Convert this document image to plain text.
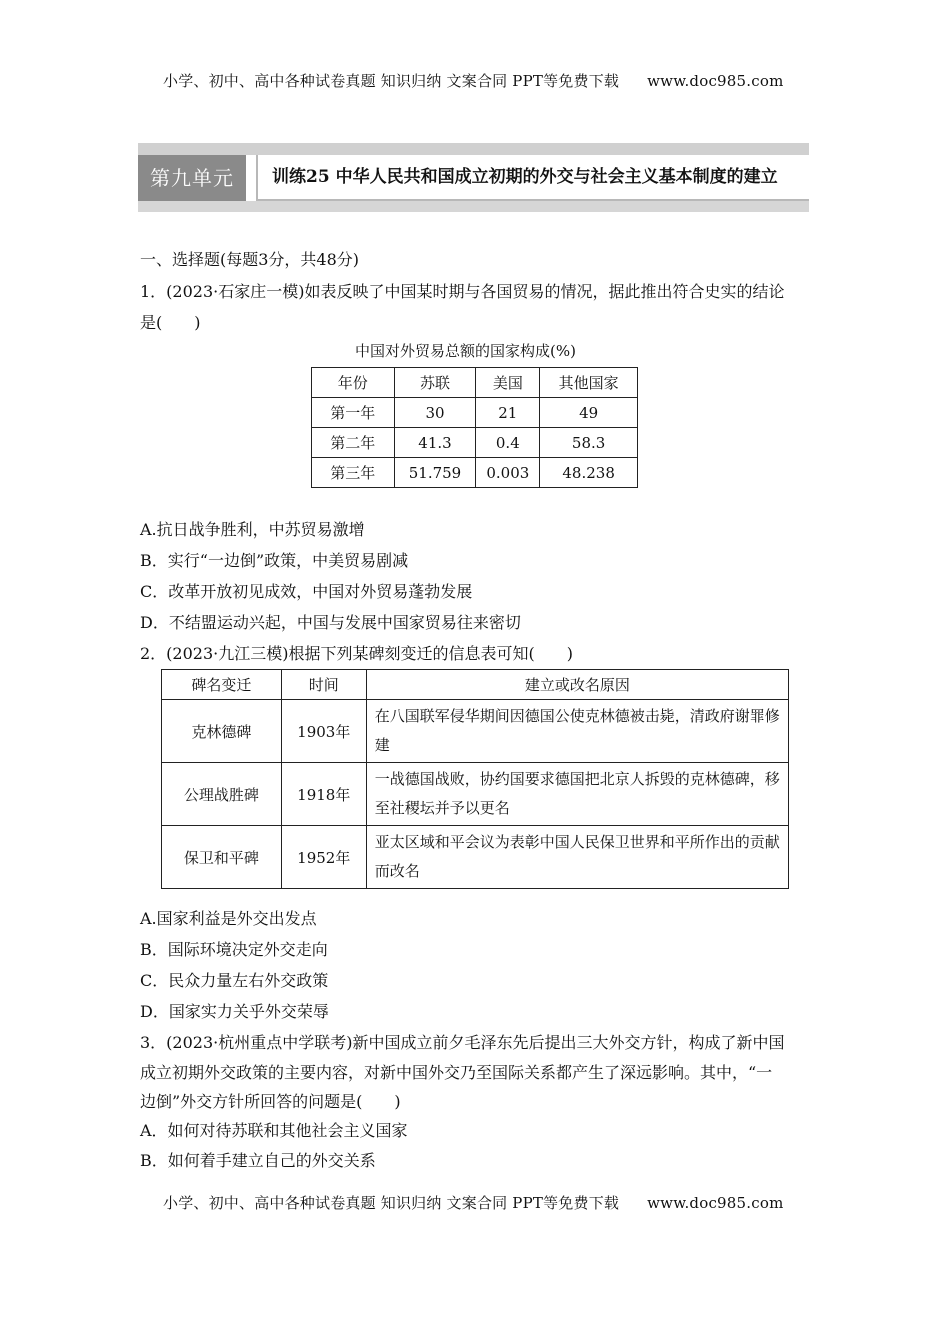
小学、初中、高中各种试卷真题 知识归纳 文案合同 PPT等免费下载 www.doc985.com
第九单元	训练25 中华人民共和国成立初期的外交与社会主义基本制度的建立
一、选择题(每题3分，共48分)
1．(2023·石家庄一模)如表反映了中国某时期与各国贸易的情况，据此推出符合史实的结论
是(　　)
中国对外贸易总额的国家构成(%)
年份	苏联	美国	其他国家
第一年	30	21	49
第二年	41.3	0.4	58.3
第三年	51.759	0.003	48.238
A.抗日战争胜利，中苏贸易激增
B．实行“一边倒”政策，中美贸易剧减
C．改革开放初见成效，中国对外贸易蓬勃发展
D．不结盟运动兴起，中国与发展中国家贸易往来密切
2．(2023·九江三模)根据下列某碑刻变迁的信息表可知(　　)
碑名变迁	时间	建立或改名原因
克林德碑	1903年	在八国联军侵华期间因德国公使克林德被击毙，清政府谢罪修建
公理战胜碑	1918年	一战德国战败，协约国要求德国把北京人拆毁的克林德碑，移至社稷坛并予以更名
保卫和平碑	1952年	亚太区域和平会议为表彰中国人民保卫世界和平所作出的贡献而改名
A.国家利益是外交出发点
B．国际环境决定外交走向
C．民众力量左右外交政策
D．国家实力关乎外交荣辱
3．(2023·杭州重点中学联考)新中国成立前夕毛泽东先后提出三大外交方针，构成了新中国
成立初期外交政策的主要内容，对新中国外交乃至国际关系都产生了深远影响。其中，“一
边倒”外交方针所回答的问题是(　　)
A．如何对待苏联和其他社会主义国家
B．如何着手建立自己的外交关系
小学、初中、高中各种试卷真题 知识归纳 文案合同 PPT等免费下载 www.doc985.com
